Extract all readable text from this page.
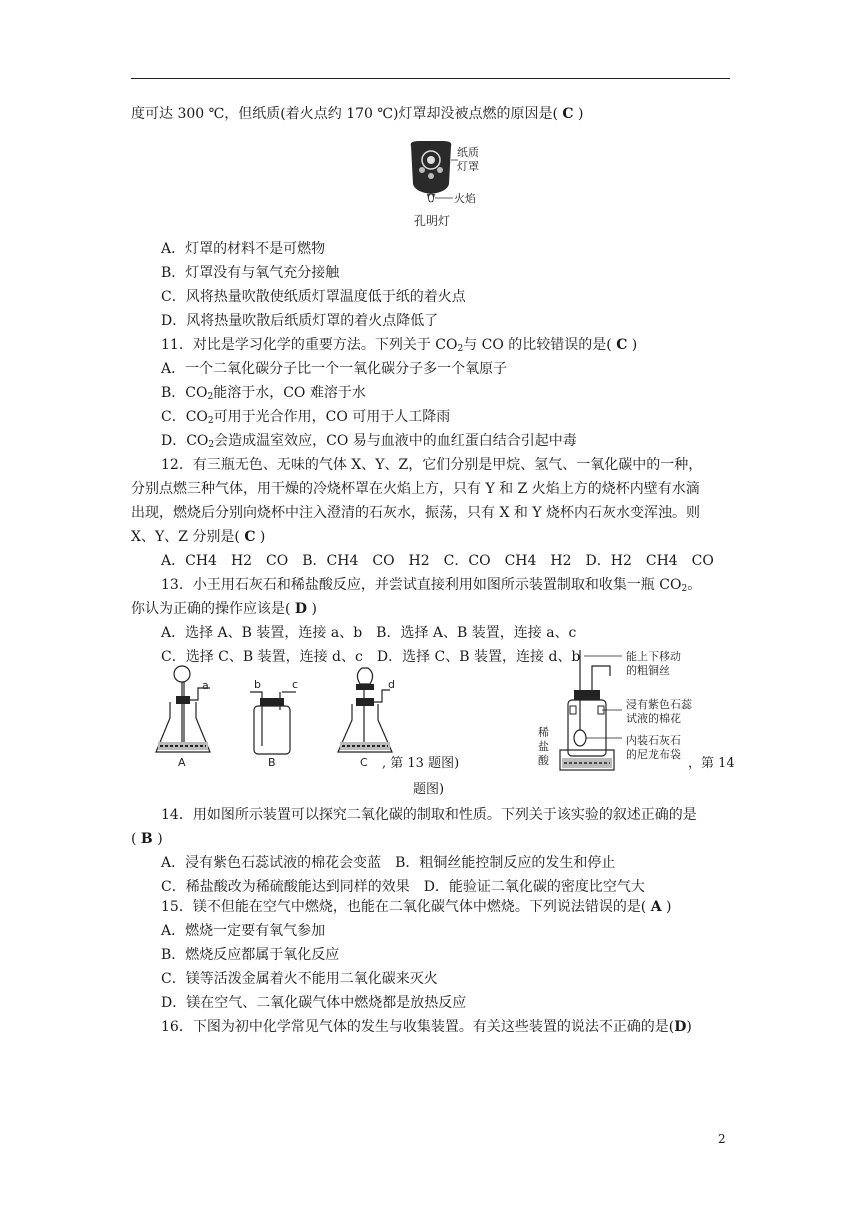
度可达 300 ℃，但纸质(着火点约 170 ℃)灯罩却没被点燃的原因是( C )
纸质
灯罩
火焰
孔明灯
A．灯罩的材料不是可燃物
B．灯罩没有与氧气充分接触
C．风将热量吹散使纸质灯罩温度低于纸的着火点
D．风将热量吹散后纸质灯罩的着火点降低了
11．对比是学习化学的重要方法。下列关于 $CO_2$与 CO 的比较错误的是( C )
A．一个二氧化碳分子比一个一氧化碳分子多一个氧原子
B．$CO_2$能溶于水，CO 难溶于水
C．$CO_2$可用于光合作用，CO 可用于人工降雨
D．$CO_2$会造成温室效应，CO 易与血液中的血红蛋白结合引起中毒
12．有三瓶无色、无味的气体 X、Y、Z，它们分别是甲烷、氢气、一氧化碳中的一种，
分别点燃三种气体，用干燥的冷烧杯罩在火焰上方，只有 Y 和 Z 火焰上方的烧杯内壁有水滴
出现，燃烧后分别向烧杯中注入澄清的石灰水，振荡，只有 X 和 Y 烧杯内石灰水变浑浊。则
X、Y、Z 分别是( C )
A．CH4　H2　CO　B．CH4　CO　H2　C．CO　CH4　H2　D．H2　CH4　CO
13．小王用石灰石和稀盐酸反应，并尝试直接利用如图所示装置制取和收集一瓶 $CO_2$。
你认为正确的操作应该是( D )
A．选择 A、B 装置，连接 a、b　B．选择 A、B 装置，连接 a、c
C．选择 C、B 装置，连接 d、c　D．选择 C、B 装置，连接 d、b
a
A
b	c
B
d
C , 第 13 题图)
能上下移动
的粗铜丝
浸有紫色石蕊
试液的棉花
内装石灰石
的尼龙布袋
稀
盐
酸	，第 14
题图)
14．用如图所示装置可以探究二氧化碳的制取和性质。下列关于该实验的叙述正确的是
( B )
A．浸有紫色石蕊试液的棉花会变蓝　B．粗铜丝能控制反应的发生和停止
C．稀盐酸改为稀硫酸能达到同样的效果　D．能验证二氧化碳的密度比空气大
15．镁不但能在空气中燃烧，也能在二氧化碳气体中燃烧。下列说法错误的是( A )
A．燃烧一定要有氧气参加
B．燃烧反应都属于氧化反应
C．镁等活泼金属着火不能用二氧化碳来灭火
D．镁在空气、二氧化碳气体中燃烧都是放热反应
16．下图为初中化学常见气体的发生与收集装置。有关这些装置的说法不正确的是(D)
2
